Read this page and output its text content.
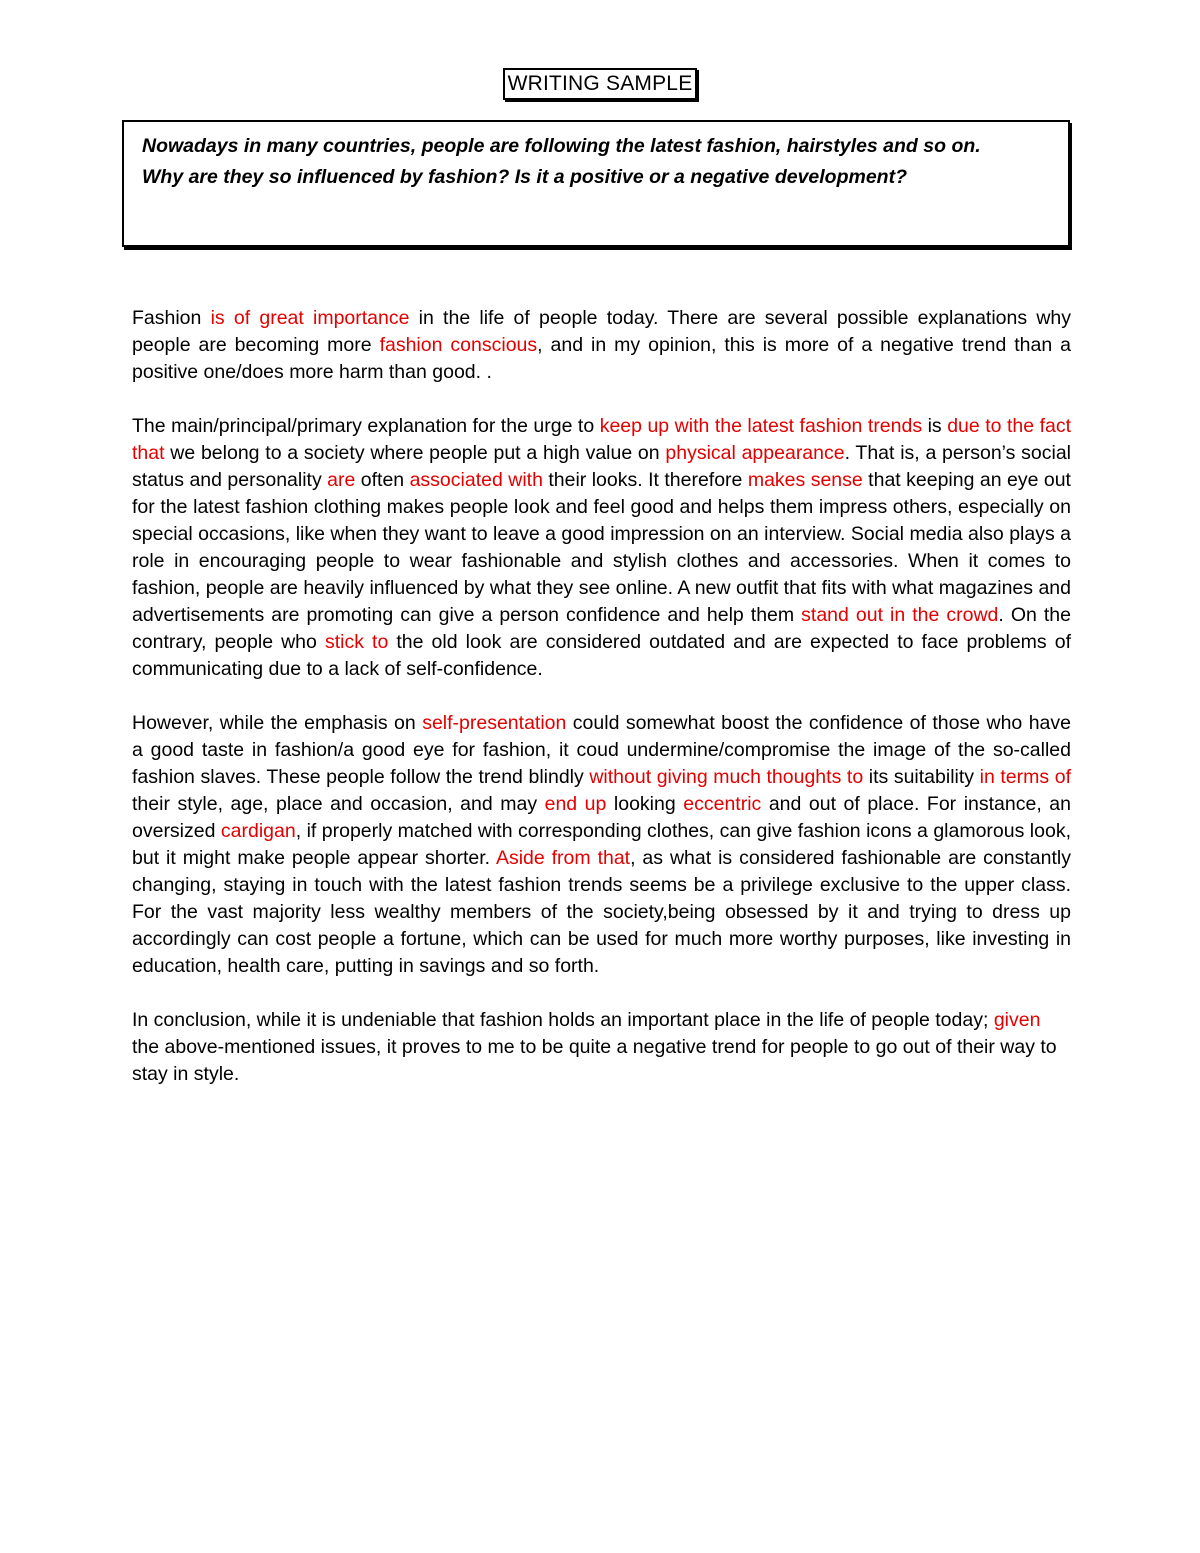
WRITING SAMPLE

Nowadays in many countries, people are following the latest fashion, hairstyles and so on.

Why are they so influenced by fashion? Is it a positive or a negative development?

Fashion is of great importance in the life of people today. There are several possible explanations why people are becoming more fashion conscious, and in my opinion, this is more of a negative trend than a positive one/does more harm than good. .

The main/principal/primary explanation for the urge to keep up with the latest fashion trends is due to the fact that we belong to a society where people put a high value on physical appearance. That is, a person’s social status and personality are often associated with their looks. It therefore makes sense that keeping an eye out for the latest fashion clothing makes people look and feel good and helps them impress others, especially on special occasions, like when they want to leave a good impression on an interview. Social media also plays a role in encouraging people to wear fashionable and stylish clothes and accessories. When it comes to fashion, people are heavily influenced by what they see online. A new outfit that fits with what magazines and advertisements are promoting can give a person confidence and help them stand out in the crowd. On the contrary, people who stick to the old look are considered outdated and are expected to face problems of communicating due to a lack of self-confidence.

However, while the emphasis on self-presentation could somewhat boost the confidence of those who have a good taste in fashion/a good eye for fashion, it coud undermine/compromise the image of the so-called fashion slaves. These people follow the trend blindly without giving much thoughts to its suitability in terms of their style, age, place and occasion, and may end up looking eccentric and out of place. For instance, an oversized cardigan, if properly matched with corresponding clothes, can give fashion icons a glamorous look, but it might make people appear shorter. Aside from that, as what is considered fashionable are constantly changing, staying in touch with the latest fashion trends seems be a privilege exclusive to the upper class. For the vast majority less wealthy members of the society,being obsessed by it and trying to dress up accordingly can cost people a fortune, which can be used for much more worthy purposes, like investing in education, health care, putting in savings and so forth.

In conclusion, while it is undeniable that fashion holds an important place in the life of people today; given the above-mentioned issues, it proves to me to be quite a negative trend for people to go out of their way to stay in style.
